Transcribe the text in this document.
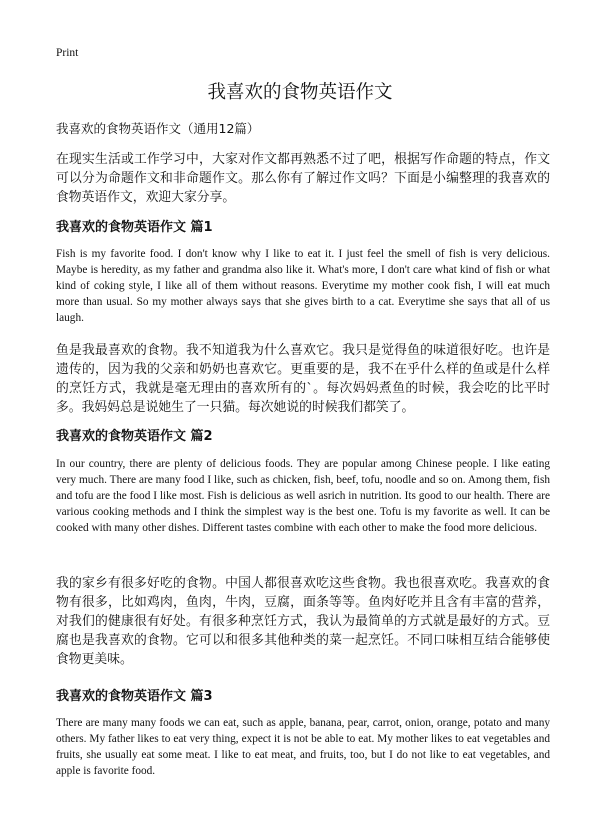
Print
我喜欢的食物英语作文
我喜欢的食物英语作文（通用12篇）
在现实生活或工作学习中，大家对作文都再熟悉不过了吧，根据写作命题的特点，作文可以分为命题作文和非命题作文。那么你有了解过作文吗？下面是小编整理的我喜欢的食物英语作文，欢迎大家分享。
我喜欢的食物英语作文 篇1
Fish is my favorite food. I don't know why I like to eat it. I just feel the smell of fish is very delicious. Maybe is heredity, as my father and grandma also like it. What's more, I don't care what kind of fish or what kind of coking style, I like all of them without reasons. Everytime my mother cook fish, I will eat much more than usual. So my mother always says that she gives birth to a cat. Everytime she says that all of us laugh.
鱼是我最喜欢的食物。我不知道我为什么喜欢它。我只是觉得鱼的味道很好吃。也许是遗传的，因为我的父亲和奶奶也喜欢它。更重要的是，我不在乎什么样的鱼或是什么样的烹饪方式，我就是毫无理由的喜欢所有的`。每次妈妈煮鱼的时候，我会吃的比平时多。我妈妈总是说她生了一只猫。每次她说的时候我们都笑了。
我喜欢的食物英语作文 篇2
In our country, there are plenty of delicious foods. They are popular among Chinese people. I like eating very much. There are many food I like, such as chicken, fish, beef, tofu, noodle and so on. Among them, fish and tofu are the food I like most. Fish is delicious as well asrich in nutrition. Its good to our health. There are various cooking methods and I think the simplest way is the best one. Tofu is my favorite as well. It can be cooked with many other dishes. Different tastes combine with each other to make the food more delicious.
我的家乡有很多好吃的食物。中国人都很喜欢吃这些食物。我也很喜欢吃。我喜欢的食物有很多，比如鸡肉，鱼肉，牛肉，豆腐，面条等等。鱼肉好吃并且含有丰富的营养，对我们的健康很有好处。有很多种烹饪方式，我认为最简单的方式就是最好的方式。豆腐也是我喜欢的食物。它可以和很多其他种类的菜一起烹饪。不同口味相互结合能够使食物更美味。
我喜欢的食物英语作文 篇3
There are many many foods we can eat, such as apple, banana, pear, carrot, onion, orange, potato and many others. My father likes to eat very thing, expect it is not be able to eat. My mother likes to eat vegetables and fruits, she usually eat some meat. I like to eat meat, and fruits, too, but I do not like to eat vegetables, and apple is favorite food.
